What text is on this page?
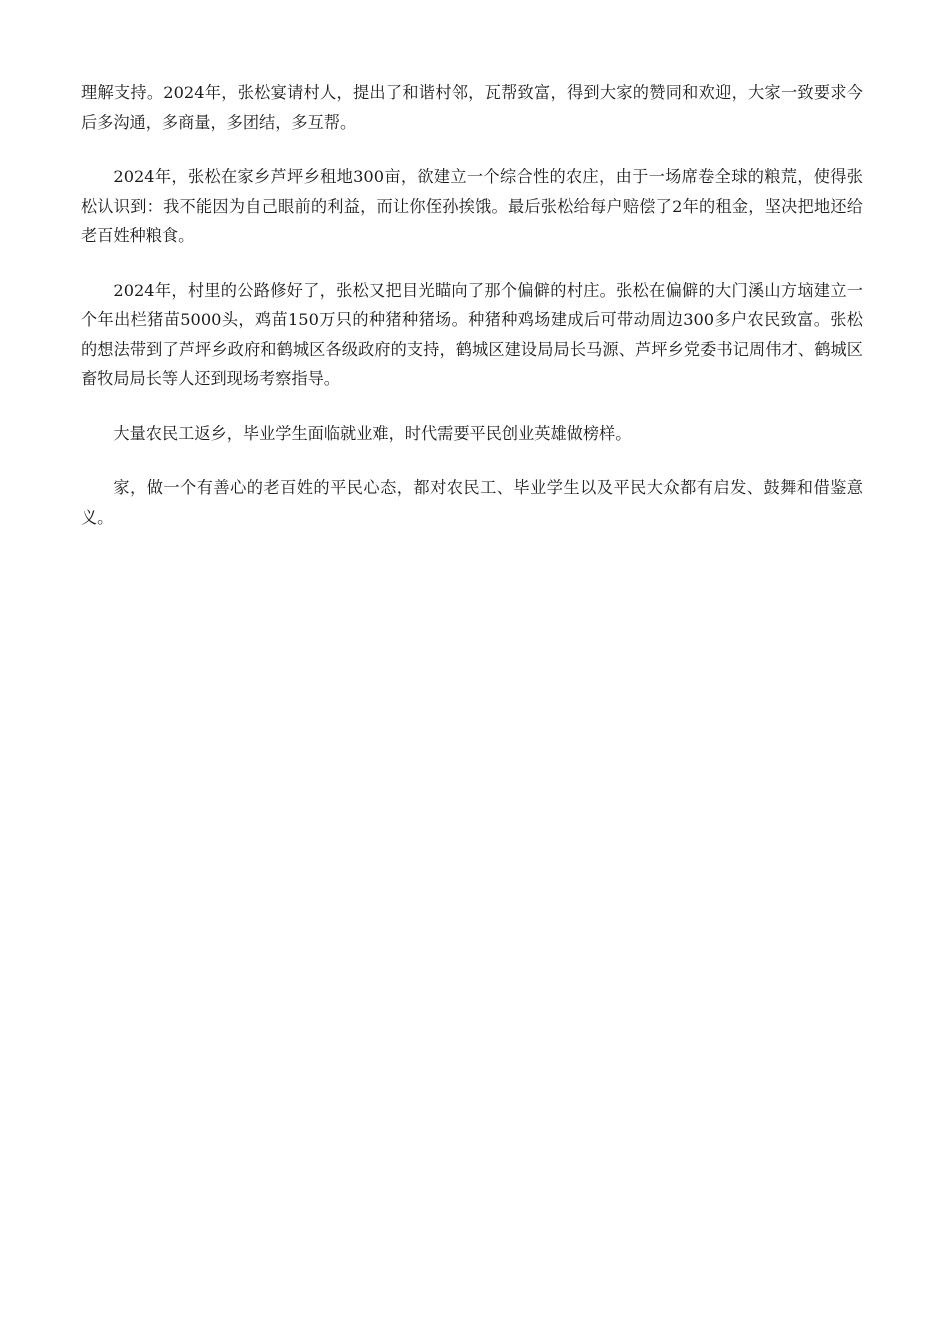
理解支持。2024年，张松宴请村人，提出了和谐村邻，瓦帮致富，得到大家的赞同和欢迎，大家一致要求今后多沟通，多商量，多团结，多互帮。

2024年，张松在家乡芦坪乡租地300亩，欲建立一个综合性的农庄，由于一场席卷全球的粮荒，使得张松认识到：我不能因为自己眼前的利益，而让你侄孙挨饿。最后张松给每户赔偿了2年的租金，坚决把地还给老百姓种粮食。

2024年，村里的公路修好了，张松又把目光瞄向了那个偏僻的村庄。张松在偏僻的大门溪山方垴建立一个年出栏猪苗5000头，鸡苗150万只的种猪种猪场。种猪种鸡场建成后可带动周边300多户农民致富。张松的想法带到了芦坪乡政府和鹤城区各级政府的支持，鹤城区建设局局长马源、芦坪乡党委书记周伟才、鹤城区畜牧局局长等人还到现场考察指导。

大量农民工返乡，毕业学生面临就业难，时代需要平民创业英雄做榜样。

家，做一个有善心的老百姓的平民心态，都对农民工、毕业学生以及平民大众都有启发、鼓舞和借鉴意义。
